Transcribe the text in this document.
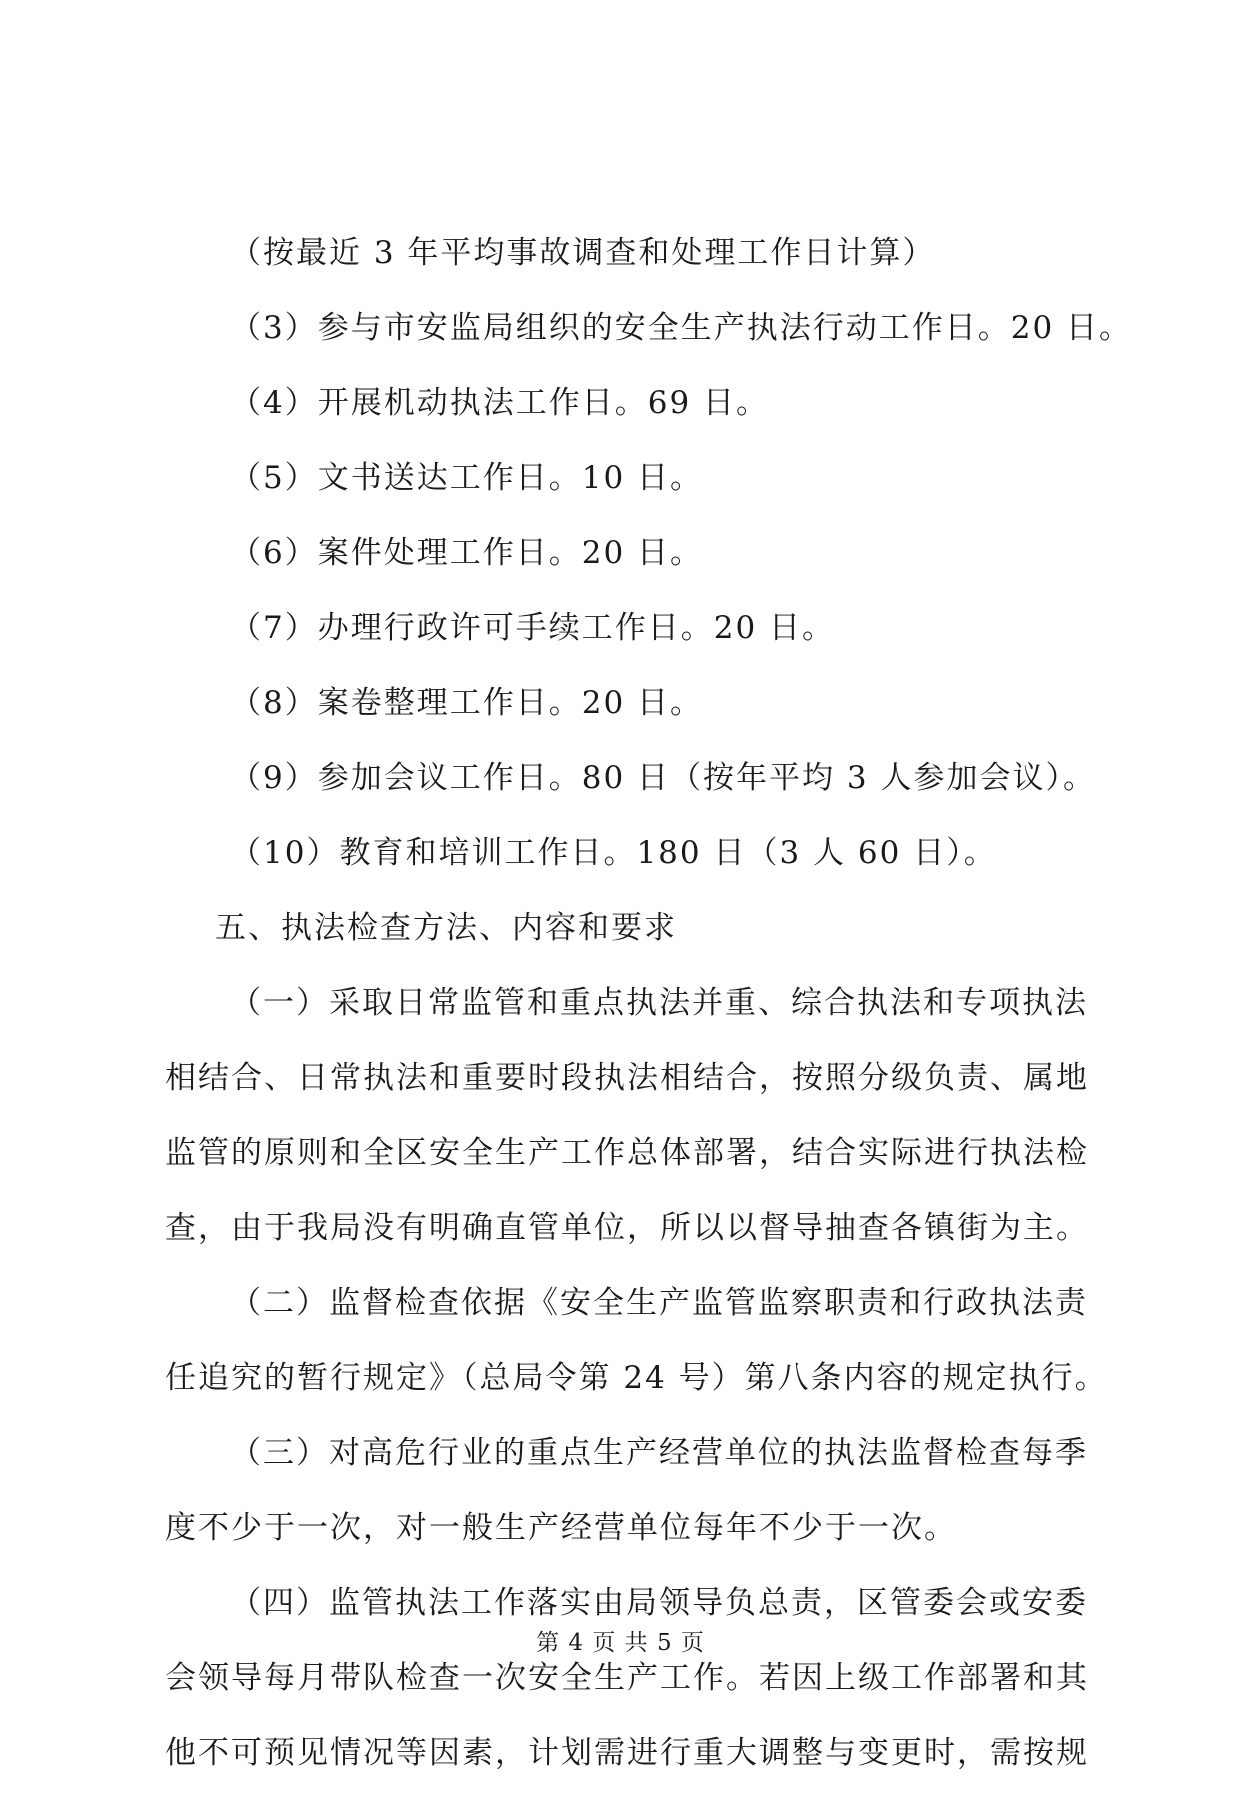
（按最近 3 年平均事故调查和处理工作日计算）
（3）参与市安监局组织的安全生产执法行动工作日。20 日。
（4）开展机动执法工作日。69 日。
（5）文书送达工作日。10 日。
（6）案件处理工作日。20 日。
（7）办理行政许可手续工作日。20 日。
（8）案卷整理工作日。20 日。
（9）参加会议工作日。80 日（按年平均 3 人参加会议）。
（10）教育和培训工作日。180 日（3 人 60 日）。
五、执法检查方法、内容和要求
（一）采取日常监管和重点执法并重、综合执法和专项执法
相结合、日常执法和重要时段执法相结合，按照分级负责、属地
监管的原则和全区安全生产工作总体部署，结合实际进行执法检
查，由于我局没有明确直管单位，所以以督导抽查各镇街为主。
（二）监督检查依据《安全生产监管监察职责和行政执法责
任追究的暂行规定》（总局令第 24 号）第八条内容的规定执行。
（三）对高危行业的重点生产经营单位的执法监督检查每季
度不少于一次，对一般生产经营单位每年不少于一次。
（四）监管执法工作落实由局领导负总责，区管委会或安委
会领导每月带队检查一次安全生产工作。若因上级工作部署和其
他不可预见情况等因素，计划需进行重大调整与变更时，需按规
第 4 页 共 5 页
